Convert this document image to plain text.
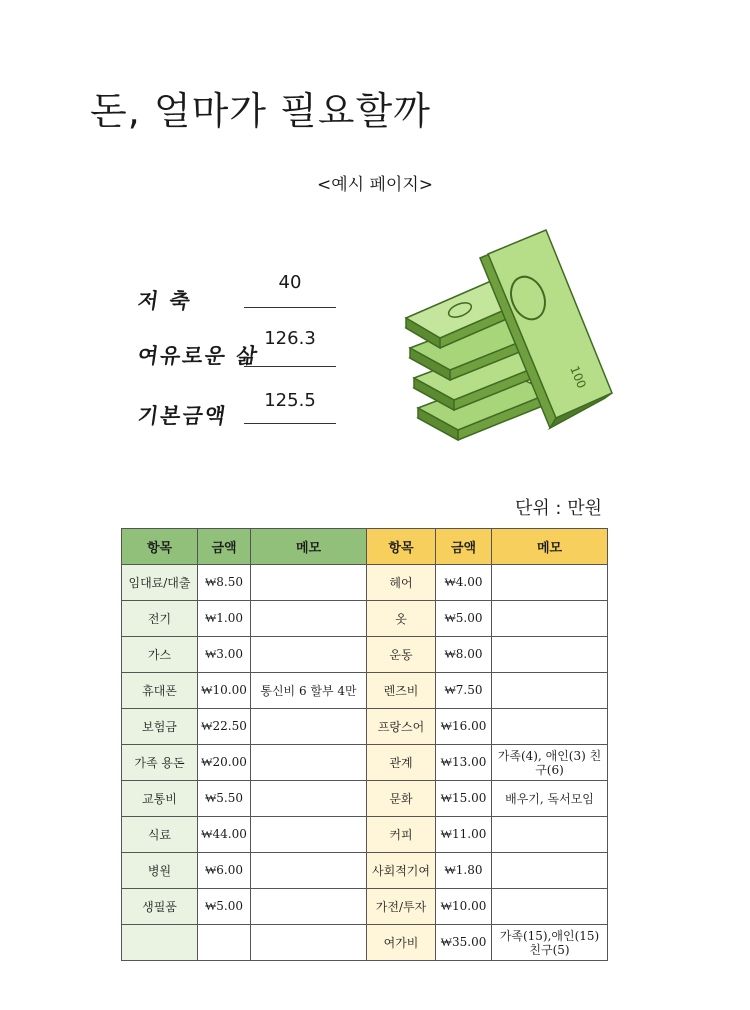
돈, 얼마가 필요할까
<예시 페이지>
저 축
40
여유로운 삶
126.3
기본금액
125.5
100
단위 : 만원
항목	금액	메모	항목	금액	메모
임대료/대출	₩8.50		헤어	₩4.00	
전기	₩1.00		옷	₩5.00	
가스	₩3.00		운동	₩8.00	
휴대폰	₩10.00	통신비 6 할부 4만	렌즈비	₩7.50	
보험금	₩22.50		프랑스어	₩16.00	
가족 용돈	₩20.00		관계	₩13.00	가족(4), 애인(3) 친구(6)
교통비	₩5.50		문화	₩15.00	배우기, 독서모임
식료	₩44.00		커피	₩11.00	
병원	₩6.00		사회적기여	₩1.80	
생필품	₩5.00		가전/투자	₩10.00	
			여가비	₩35.00	가족(15),애인(15) 친구(5)
